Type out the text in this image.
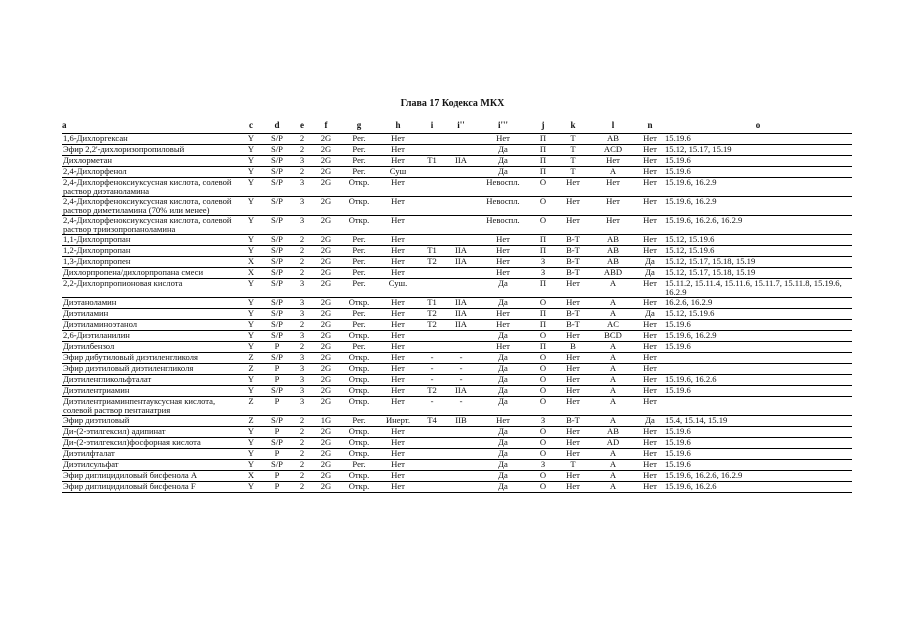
Глава 17 Кодекса МКХ
a	c	d	e	f	g	h	i	i''	i'''	j	k	l	n	o
1,6-Дихлоргексан	Y	S/P	2	2G	Рег.	Нет			Нет	П	Т	AB	Нет	15.19.6
Эфир 2,2'-дихлоризопропиловый	Y	S/P	2	2G	Рег.	Нет			Да	П	Т	ACD	Нет	15.12, 15.17, 15.19
Дихлорметан	Y	S/P	3	2G	Рег.	Нет	T1	IIA	Да	П	Т	Нет	Нет	15.19.6
2,4-Дихлорфенол	Y	S/P	2	2G	Рег.	Суш			Да	П	Т	A	Нет	15.19.6
2,4-Дихлорфеноксиуксусная кислота, солевой раствор диэтаноламина	Y	S/P	3	2G	Откр.	Нет			Невоспл.	О	Нет	Нет	Нет	15.19.6, 16.2.9
2,4-Дихлорфеноксиуксусная кислота, солевой раствор диметиламина (70% или менее)	Y	S/P	3	2G	Откр.	Нет			Невоспл.	О	Нет	Нет	Нет	15.19.6, 16.2.9
2,4-Дихлорфеноксиуксусная кислота, солевой раствор триизопропаноламина	Y	S/P	3	2G	Откр.	Нет			Невоспл.	О	Нет	Нет	Нет	15.19.6, 16.2.6, 16.2.9
1,1-Дихлорпропан	Y	S/P	2	2G	Рег.	Нет			Нет	П	B-T	AB	Нет	15.12, 15.19.6
1,2-Дихлорпропан	Y	S/P	2	2G	Рег.	Нет	T1	IIA	Нет	П	B-T	AB	Нет	15.12, 15.19.6
1,3-Дихлорпропен	X	S/P	2	2G	Рег.	Нет	T2	IIA	Нет	З	B-T	AB	Да	15.12, 15.17, 15.18, 15.19
Дихлорпропена/дихлорпропана смеси	X	S/P	2	2G	Рег.	Нет			Нет	З	B-T	ABD	Да	15.12, 15.17, 15.18, 15.19
2,2-Дихлорпропионовая кислота	Y	S/P	3	2G	Рег.	Суш.			Да	П	Нет	A	Нет	15.11.2, 15.11.4, 15.11.6, 15.11.7, 15.11.8, 15.19.6, 16.2.9
Диэтаноламин	Y	S/P	3	2G	Откр.	Нет	T1	IIA	Да	О	Нет	A	Нет	16.2.6, 16.2.9
Диэтиламин	Y	S/P	3	2G	Рег.	Нет	T2	IIA	Нет	П	B-T	A	Да	15.12, 15.19.6
Диэтиламиноэтанол	Y	S/P	2	2G	Рег.	Нет	T2	IIA	Нет	П	B-T	AC	Нет	15.19.6
2,6-Диэтиланилин	Y	S/P	3	2G	Откр.	Нет			Да	О	Нет	BCD	Нет	15.19.6, 16.2.9
Диэтилбензол	Y	P	2	2G	Рег.	Нет			Нет	П	B	A	Нет	15.19.6
Эфир дибутиловый диэтиленгликоля	Z	S/P	3	2G	Откр.	Нет	-	-	Да	О	Нет	A	Нет	
Эфир диэтиловый диэтиленгликоля	Z	P	3	2G	Откр.	Нет	-	-	Да	О	Нет	A	Нет	
Диэтиленгликольфталат	Y	P	3	2G	Откр.	Нет	-	-	Да	О	Нет	A	Нет	15.19.6, 16.2.6
Диэтилентриамин	Y	S/P	3	2G	Откр.	Нет	T2	IIA	Да	О	Нет	A	Нет	15.19.6
Диэтилентриаминпентауксусная кислота, солевой раствор пентанатрия	Z	P	3	2G	Откр.	Нет	-	-	Да	О	Нет	A	Нет	
Эфир диэтиловый	Z	S/P	2	1G	Рег.	Инерт.	T4	IIB	Нет	З	B-T	A	Да	15.4, 15.14, 15.19
Ди-(2-этилгексил) адипинат	Y	P	2	2G	Откр.	Нет			Да	О	Нет	AB	Нет	15.19.6
Ди-(2-этилгексил)фосфорная кислота	Y	S/P	2	2G	Откр.	Нет			Да	О	Нет	AD	Нет	15.19.6
Диэтилфталат	Y	P	2	2G	Откр.	Нет			Да	О	Нет	A	Нет	15.19.6
Диэтилсульфат	Y	S/P	2	2G	Рег.	Нет			Да	З	Т	A	Нет	15.19.6
Эфир диглицидиловый бисфенола A	X	P	2	2G	Откр.	Нет			Да	О	Нет	A	Нет	15.19.6, 16.2.6, 16.2.9
Эфир диглицидиловый бисфенола F	Y	P	2	2G	Откр.	Нет			Да	О	Нет	A	Нет	15.19.6, 16.2.6
